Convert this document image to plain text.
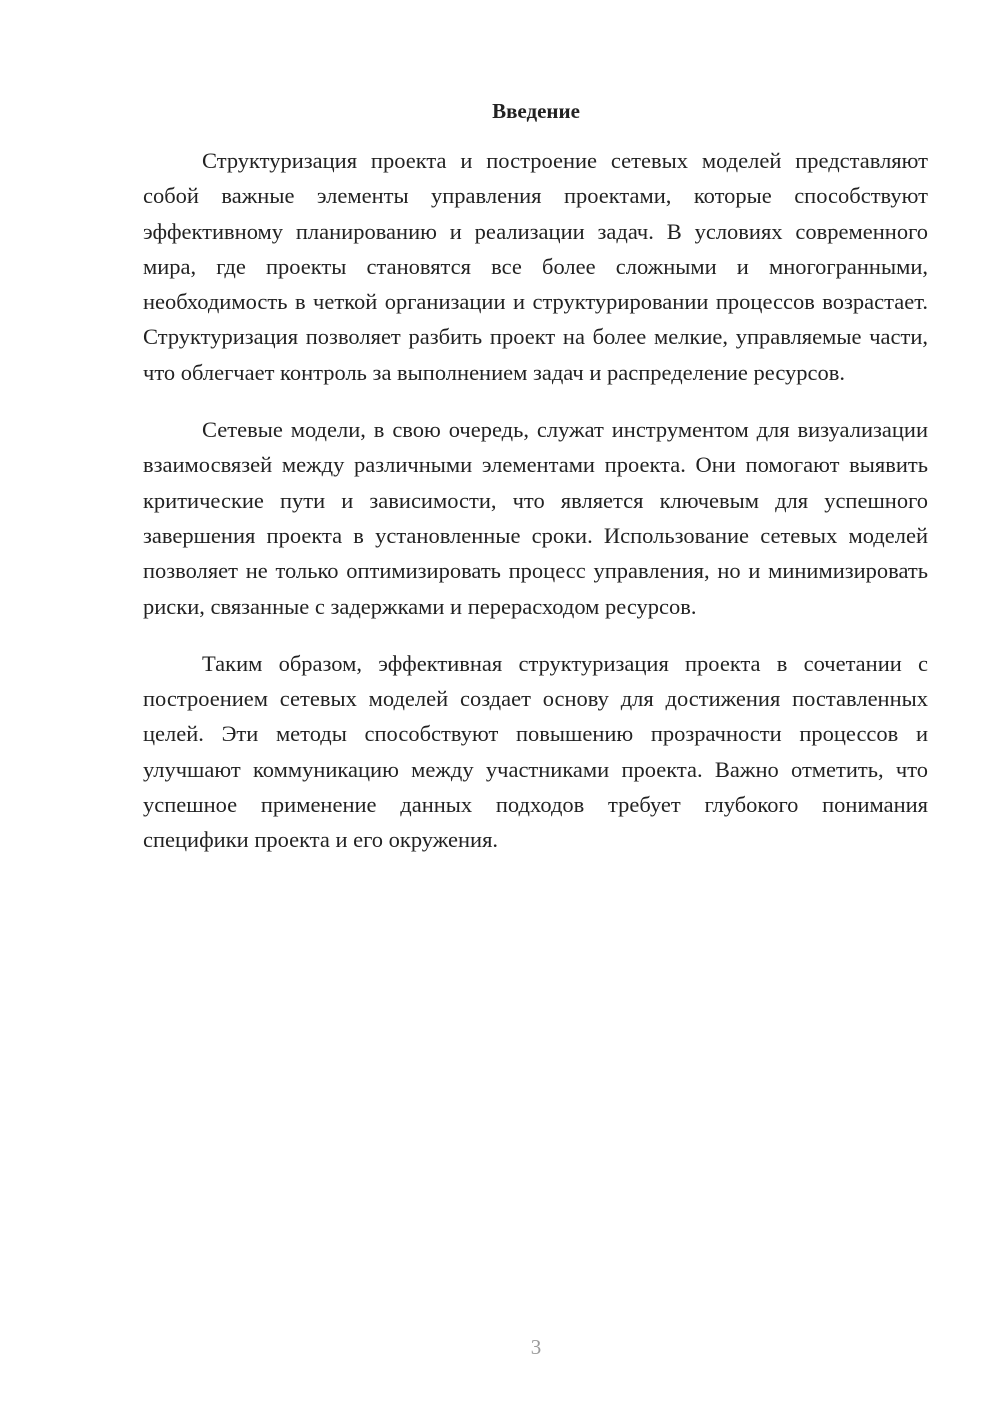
Введение

Структуризация проекта и построение сетевых моделей представляют собой важные элементы управления проектами, которые способствуют эффективному планированию и реализации задач. В условиях современного мира, где проекты становятся все более сложными и многогранными, необходимость в четкой организации и структурировании процессов возрастает. Структуризация позволяет разбить проект на более мелкие, управляемые части, что облегчает контроль за выполнением задач и распределение ресурсов.

Сетевые модели, в свою очередь, служат инструментом для визуализации взаимосвязей между различными элементами проекта. Они помогают выявить критические пути и зависимости, что является ключевым для успешного завершения проекта в установленные сроки. Использование сетевых моделей позволяет не только оптимизировать процесс управления, но и минимизировать риски, связанные с задержками и перерасходом ресурсов.

Таким образом, эффективная структуризация проекта в сочетании с построением сетевых моделей создает основу для достижения поставленных целей. Эти методы способствуют повышению прозрачности процессов и улучшают коммуникацию между участниками проекта. Важно отметить, что успешное применение данных подходов требует глубокого понимания специфики проекта и его окружения.

3
